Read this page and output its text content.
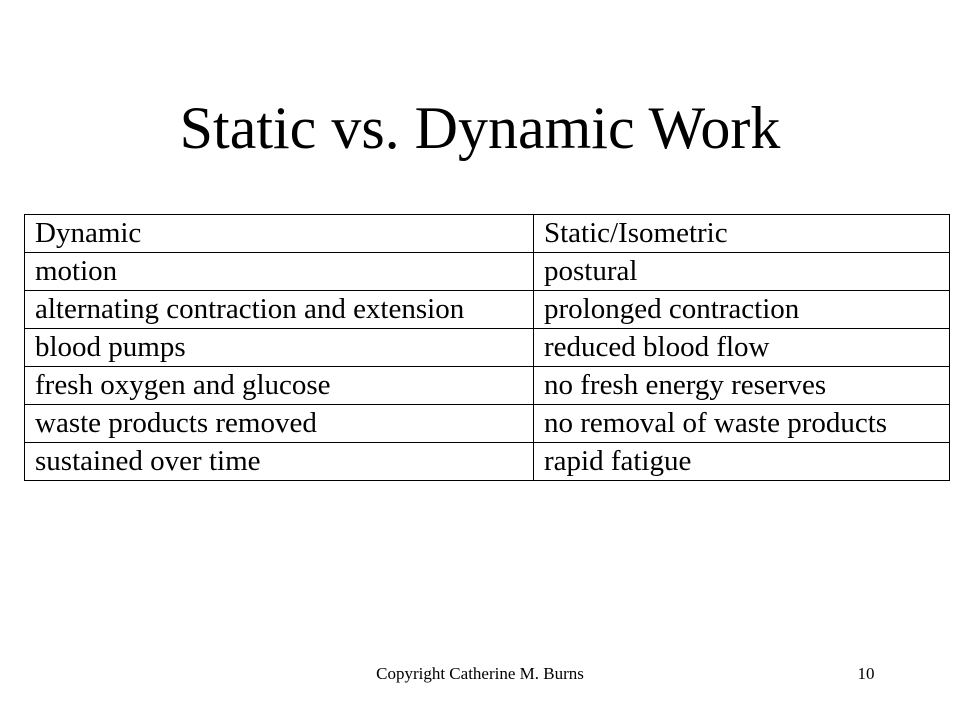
Static vs. Dynamic Work
Dynamic	Static/Isometric
motion	postural
alternating contraction and extension	prolonged contraction
blood pumps	reduced blood flow
fresh oxygen and glucose	no fresh energy reserves
waste products removed	no removal of waste products
sustained over time	rapid fatigue
Copyright Catherine M. Burns	10
